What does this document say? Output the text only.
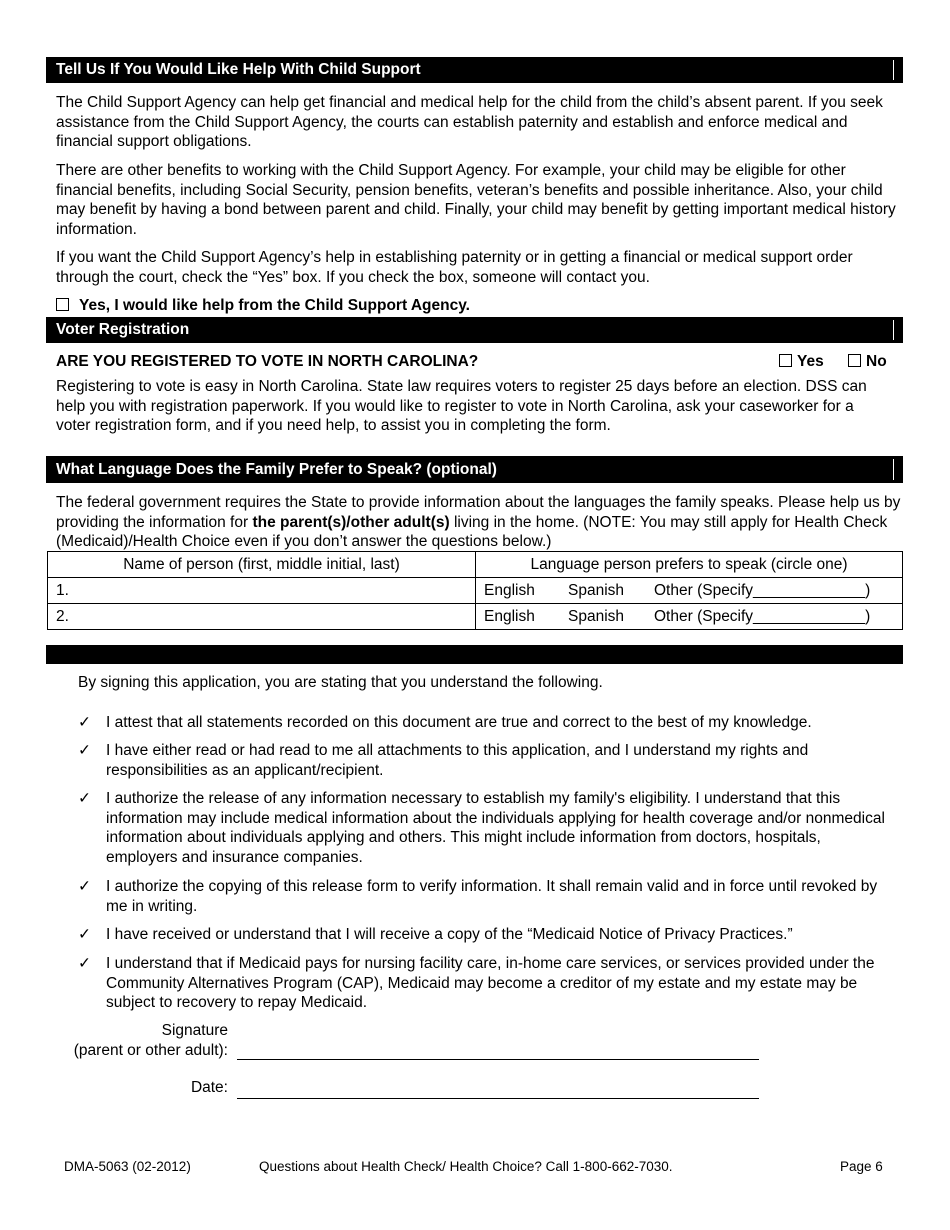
Tell Us If You Would Like Help With Child Support
The Child Support Agency can help get financial and medical help for the child from the child’s absent parent. If you seek assistance from the Child Support Agency, the courts can establish paternity and establish and enforce medical and financial support obligations.
There are other benefits to working with the Child Support Agency. For example, your child may be eligible for other financial benefits, including Social Security, pension benefits, veteran’s benefits and possible inheritance. Also, your child may benefit by having a bond between parent and child. Finally, your child may benefit by getting important medical history information.
If you want the Child Support Agency’s help in establishing paternity or in getting a financial or medical support order through the court, check the “Yes” box. If you check the box, someone will contact you.
Yes, I would like help from the Child Support Agency.
Voter Registration
ARE YOU REGISTERED TO VOTE IN NORTH CAROLINA?	Yes	No
Registering to vote is easy in North Carolina. State law requires voters to register 25 days before an election. DSS can help you with registration paperwork. If you would like to register to vote in North Carolina, ask your caseworker for a voter registration form, and if you need help, to assist you in completing the form.
What Language Does the Family Prefer to Speak? (optional)
The federal government requires the State to provide information about the languages the family speaks. Please help us by providing the information for the parent(s)/other adult(s) living in the home. (NOTE: You may still apply for Health Check (Medicaid)/Health Choice even if you don’t answer the questions below.)
Name of person (first, middle initial, last)	Language person prefers to speak (circle one)
1.	English Spanish Other (Specify_____________)
2.	English Spanish Other (Specify_____________)
By signing this application, you are stating that you understand the following.
✓ I attest that all statements recorded on this document are true and correct to the best of my knowledge.
✓ I have either read or had read to me all attachments to this application, and I understand my rights and responsibilities as an applicant/recipient.
✓ I authorize the release of any information necessary to establish my family's eligibility. I understand that this information may include medical information about the individuals applying for health coverage and/or nonmedical information about individuals applying and others. This might include information from doctors, hospitals, employers and insurance companies.
✓ I authorize the copying of this release form to verify information. It shall remain valid and in force until revoked by me in writing.
✓ I have received or understand that I will receive a copy of the “Medicaid Notice of Privacy Practices.”
✓ I understand that if Medicaid pays for nursing facility care, in-home care services, or services provided under the Community Alternatives Program (CAP), Medicaid may become a creditor of my estate and my estate may be subject to recovery to repay Medicaid.
Signature
(parent or other adult):
Date:
DMA-5063 (02-2012)	Questions about Health Check/ Health Choice? Call 1-800-662-7030.	Page 6
